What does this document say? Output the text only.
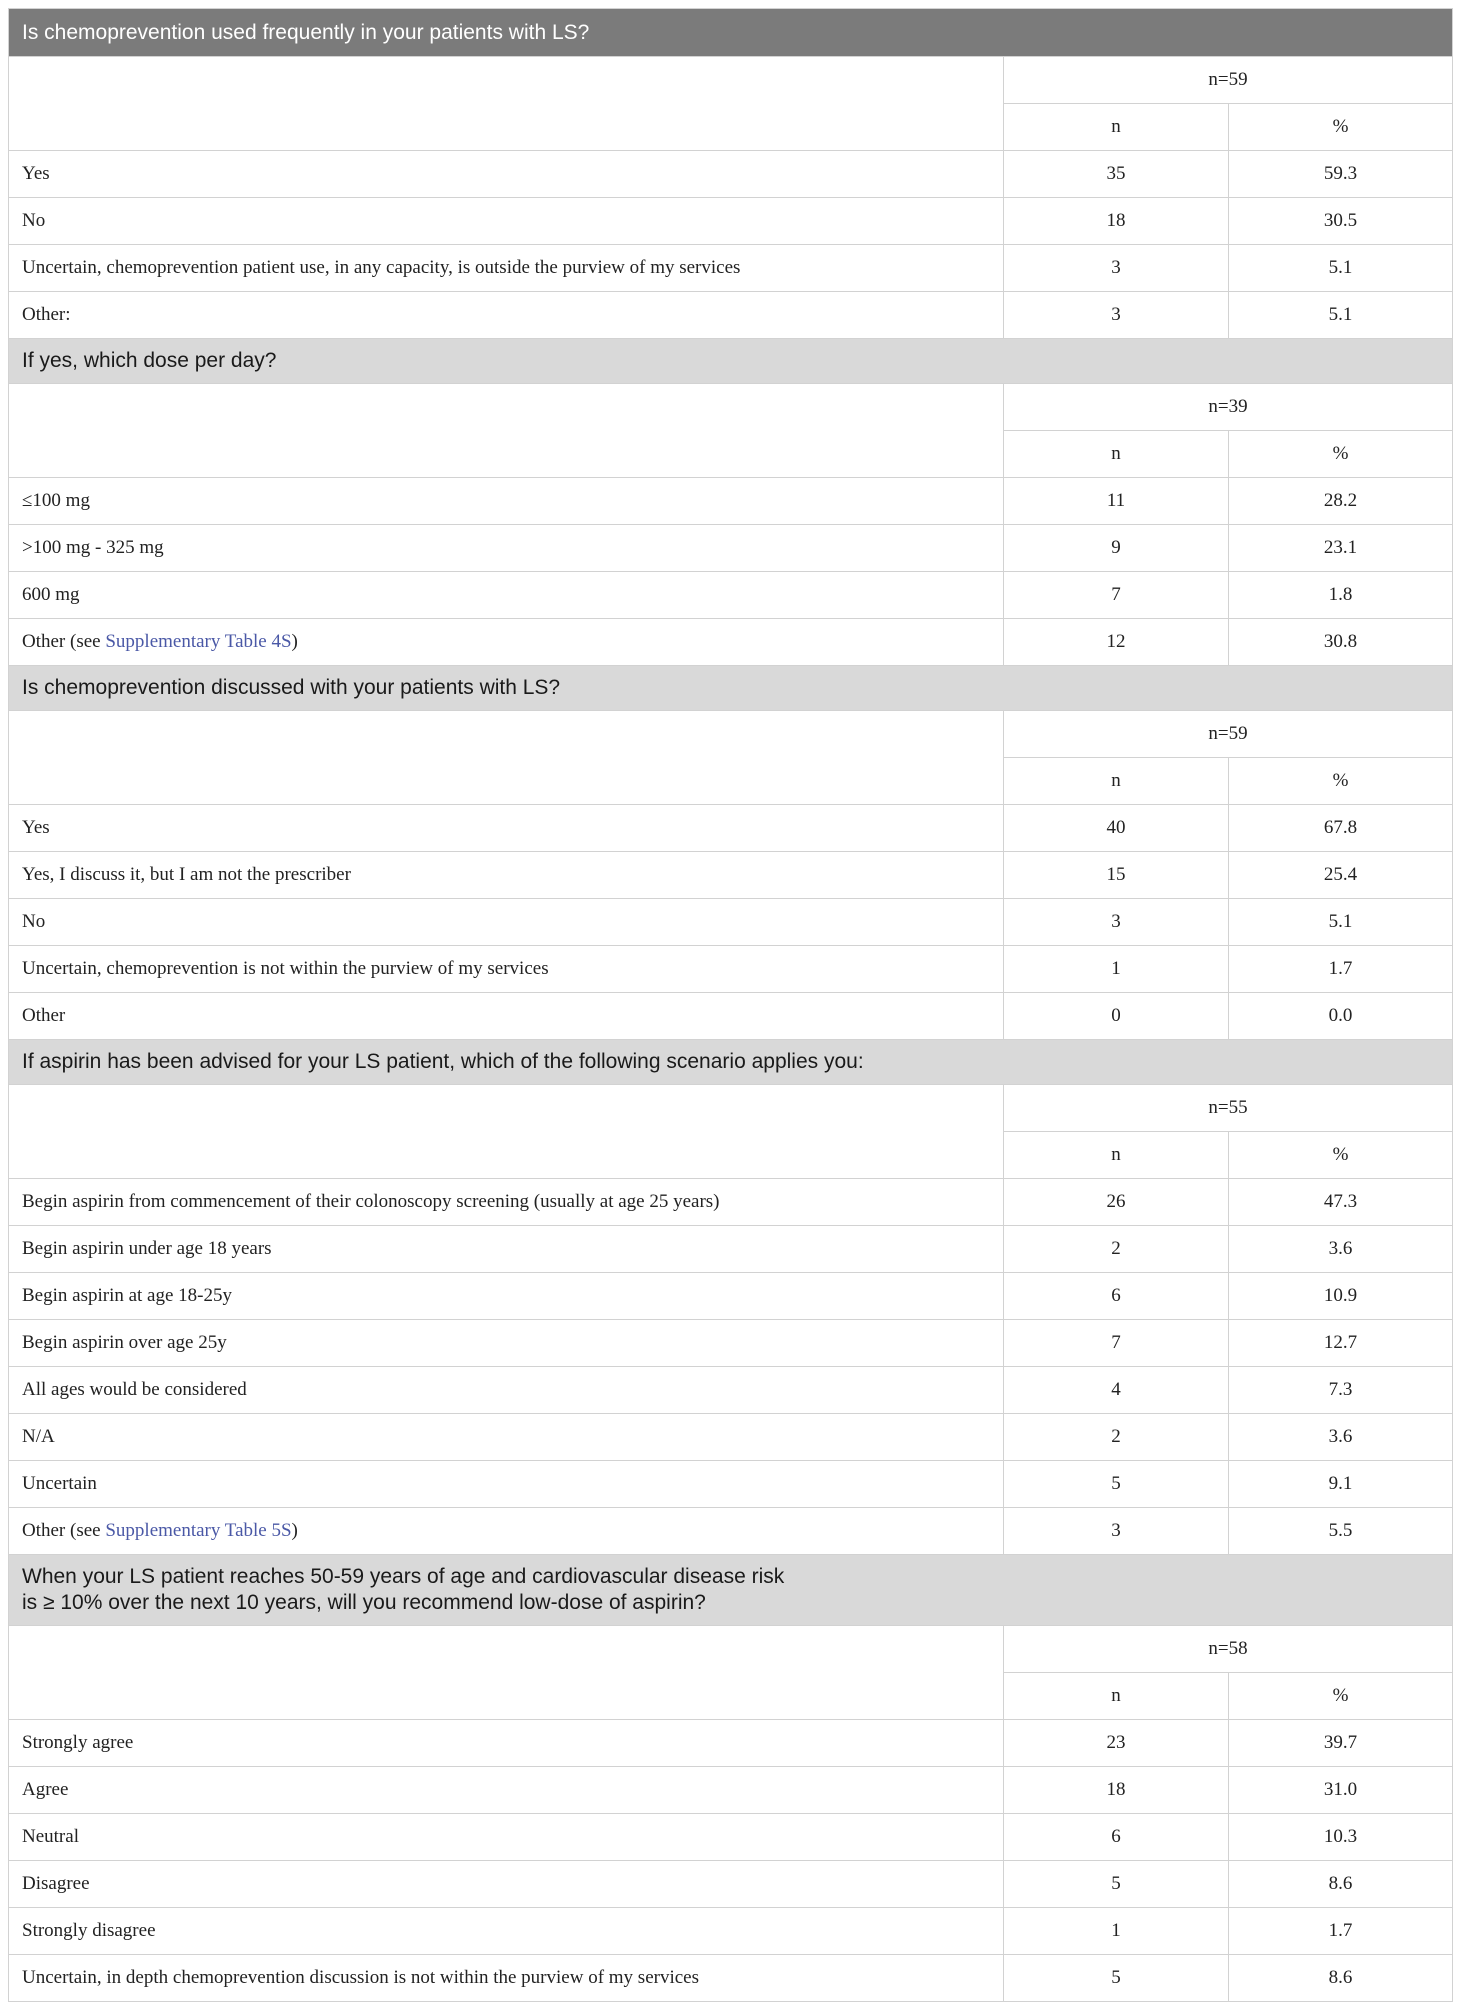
Is chemoprevention used frequently in your patients with LS?		
	n=59	
	n	%
Yes	35	59.3
No	18	30.5
Uncertain, chemoprevention patient use, in any capacity, is outside the purview of my services	3	5.1
Other:	3	5.1
If yes, which dose per day?		
	n=39	
	n	%
≤100 mg	11	28.2
>100 mg - 325 mg	9	23.1
600 mg	7	1.8
Other (see Supplementary Table 4S)	12	30.8
Is chemoprevention discussed with your patients with LS?		
	n=59	
	n	%
Yes	40	67.8
Yes, I discuss it, but I am not the prescriber	15	25.4
No	3	5.1
Uncertain, chemoprevention is not within the purview of my services	1	1.7
Other	0	0.0
If aspirin has been advised for your LS patient, which of the following scenario applies you:		
	n=55	
	n	%
Begin aspirin from commencement of their colonoscopy screening (usually at age 25 years)	26	47.3
Begin aspirin under age 18 years	2	3.6
Begin aspirin at age 18-25y	6	10.9
Begin aspirin over age 25y	7	12.7
All ages would be considered	4	7.3
N/A	2	3.6
Uncertain	5	9.1
Other (see Supplementary Table 5S)	3	5.5
When your LS patient reaches 50-59 years of age and cardiovascular disease risk
is ≥ 10% over the next 10 years, will you recommend low-dose of aspirin?		
	n=58	
	n	%
Strongly agree	23	39.7
Agree	18	31.0
Neutral	6	10.3
Disagree	5	8.6
Strongly disagree	1	1.7
Uncertain, in depth chemoprevention discussion is not within the purview of my services	5	8.6
